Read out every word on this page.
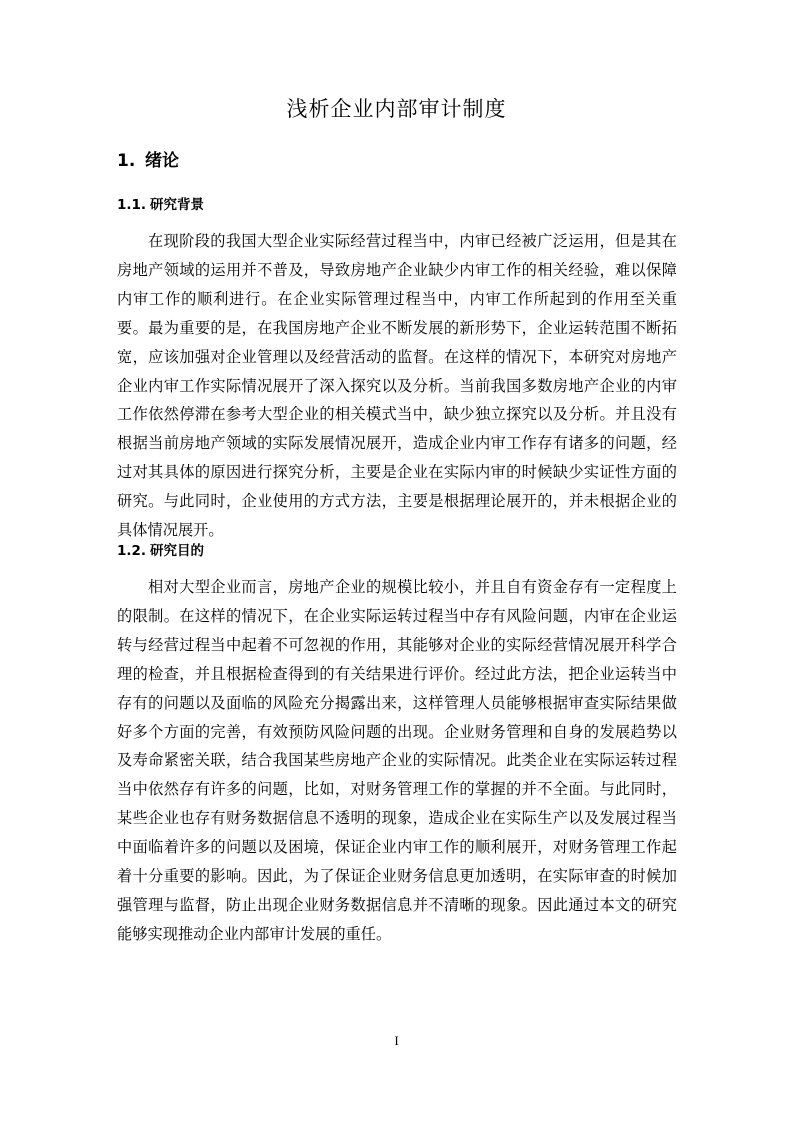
浅析企业内部审计制度
1. 绪论
1.1. 研究背景

在现阶段的我国大型企业实际经营过程当中，内审已经被广泛运用，但是其在房地产领域的运用并不普及，导致房地产企业缺少内审工作的相关经验，难以保障内审工作的顺利进行。在企业实际管理过程当中，内审工作所起到的作用至关重要。最为重要的是，在我国房地产企业不断发展的新形势下，企业运转范围不断拓宽，应该加强对企业管理以及经营活动的监督。在这样的情况下，本研究对房地产企业内审工作实际情况展开了深入探究以及分析。当前我国多数房地产企业的内审工作依然停滞在参考大型企业的相关模式当中，缺少独立探究以及分析。并且没有根据当前房地产领域的实际发展情况展开，造成企业内审工作存有诸多的问题，经过对其具体的原因进行探究分析，主要是企业在实际内审的时候缺少实证性方面的研究。与此同时，企业使用的方式方法，主要是根据理论展开的，并未根据企业的具体情况展开。

1.2. 研究目的

相对大型企业而言，房地产企业的规模比较小，并且自有资金存有一定程度上的限制。在这样的情况下，在企业实际运转过程当中存有风险问题，内审在企业运转与经营过程当中起着不可忽视的作用，其能够对企业的实际经营情况展开科学合理的检查，并且根据检查得到的有关结果进行评价。经过此方法，把企业运转当中存有的问题以及面临的风险充分揭露出来，这样管理人员能够根据审查实际结果做好多个方面的完善，有效预防风险问题的出现。企业财务管理和自身的发展趋势以及寿命紧密关联，结合我国某些房地产企业的实际情况。此类企业在实际运转过程当中依然存有许多的问题，比如，对财务管理工作的掌握的并不全面。与此同时，某些企业也存有财务数据信息不透明的现象，造成企业在实际生产以及发展过程当中面临着许多的问题以及困境，保证企业内审工作的顺利展开，对财务管理工作起着十分重要的影响。因此，为了保证企业财务信息更加透明，在实际审查的时候加强管理与监督，防止出现企业财务数据信息并不清晰的现象。因此通过本文的研究能够实现推动企业内部审计发展的重任。

I
